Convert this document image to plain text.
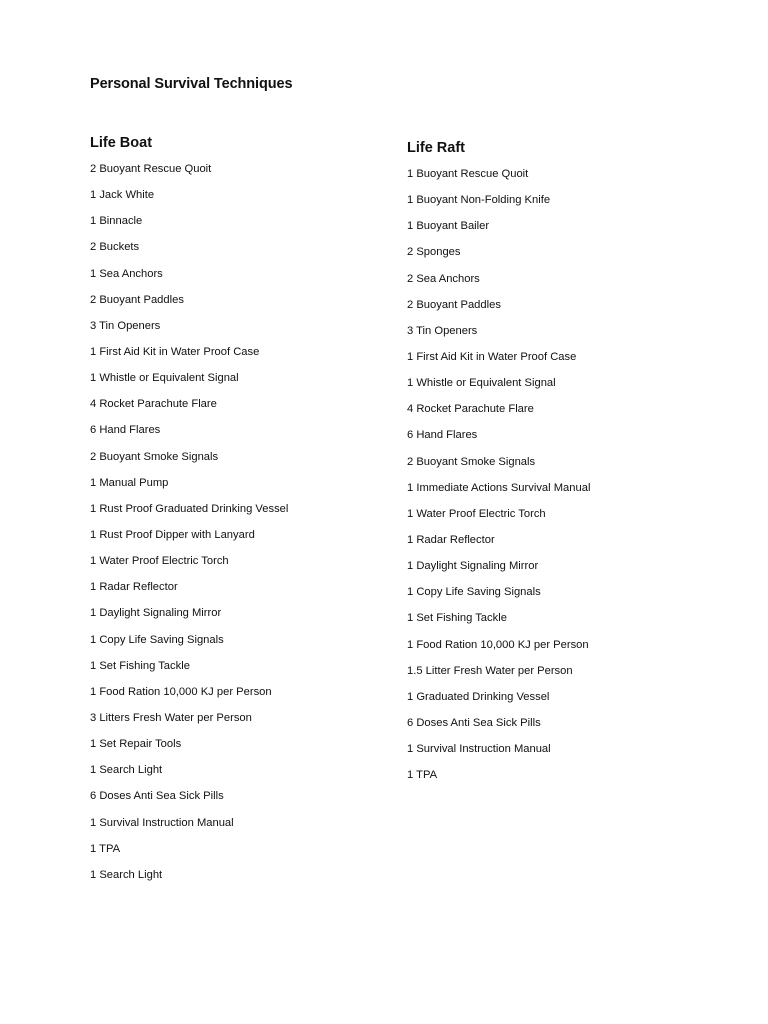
Personal Survival Techniques
Life Boat
2 Buoyant Rescue Quoit
1 Jack White
1 Binnacle
2 Buckets
1 Sea Anchors
2 Buoyant Paddles
3 Tin Openers
1 First Aid Kit in Water Proof Case
1 Whistle or Equivalent Signal
4 Rocket Parachute Flare
6 Hand Flares
2 Buoyant Smoke Signals
1 Manual Pump
1 Rust Proof Graduated Drinking Vessel
1 Rust Proof Dipper with Lanyard
1 Water Proof Electric Torch
1 Radar Reflector
1 Daylight Signaling Mirror
1 Copy Life Saving Signals
1 Set Fishing Tackle
1 Food Ration 10,000 KJ per Person
3 Litters Fresh Water per Person
1 Set Repair Tools
1 Search Light
6 Doses Anti Sea Sick Pills
1 Survival Instruction Manual
1 TPA
1 Search Light
Life Raft
1 Buoyant Rescue Quoit
1 Buoyant Non-Folding Knife
1 Buoyant Bailer
2 Sponges
2 Sea Anchors
2 Buoyant Paddles
3 Tin Openers
1 First Aid Kit in Water Proof Case
1 Whistle or Equivalent Signal
4 Rocket Parachute Flare
6 Hand Flares
2 Buoyant Smoke Signals
1 Immediate Actions Survival Manual
1 Water Proof Electric Torch
1 Radar Reflector
1 Daylight Signaling Mirror
1 Copy Life Saving Signals
1 Set Fishing Tackle
1 Food Ration 10,000 KJ per Person
1.5 Litter Fresh Water per Person
1 Graduated Drinking Vessel
6 Doses Anti Sea Sick Pills
1 Survival Instruction Manual
1 TPA
